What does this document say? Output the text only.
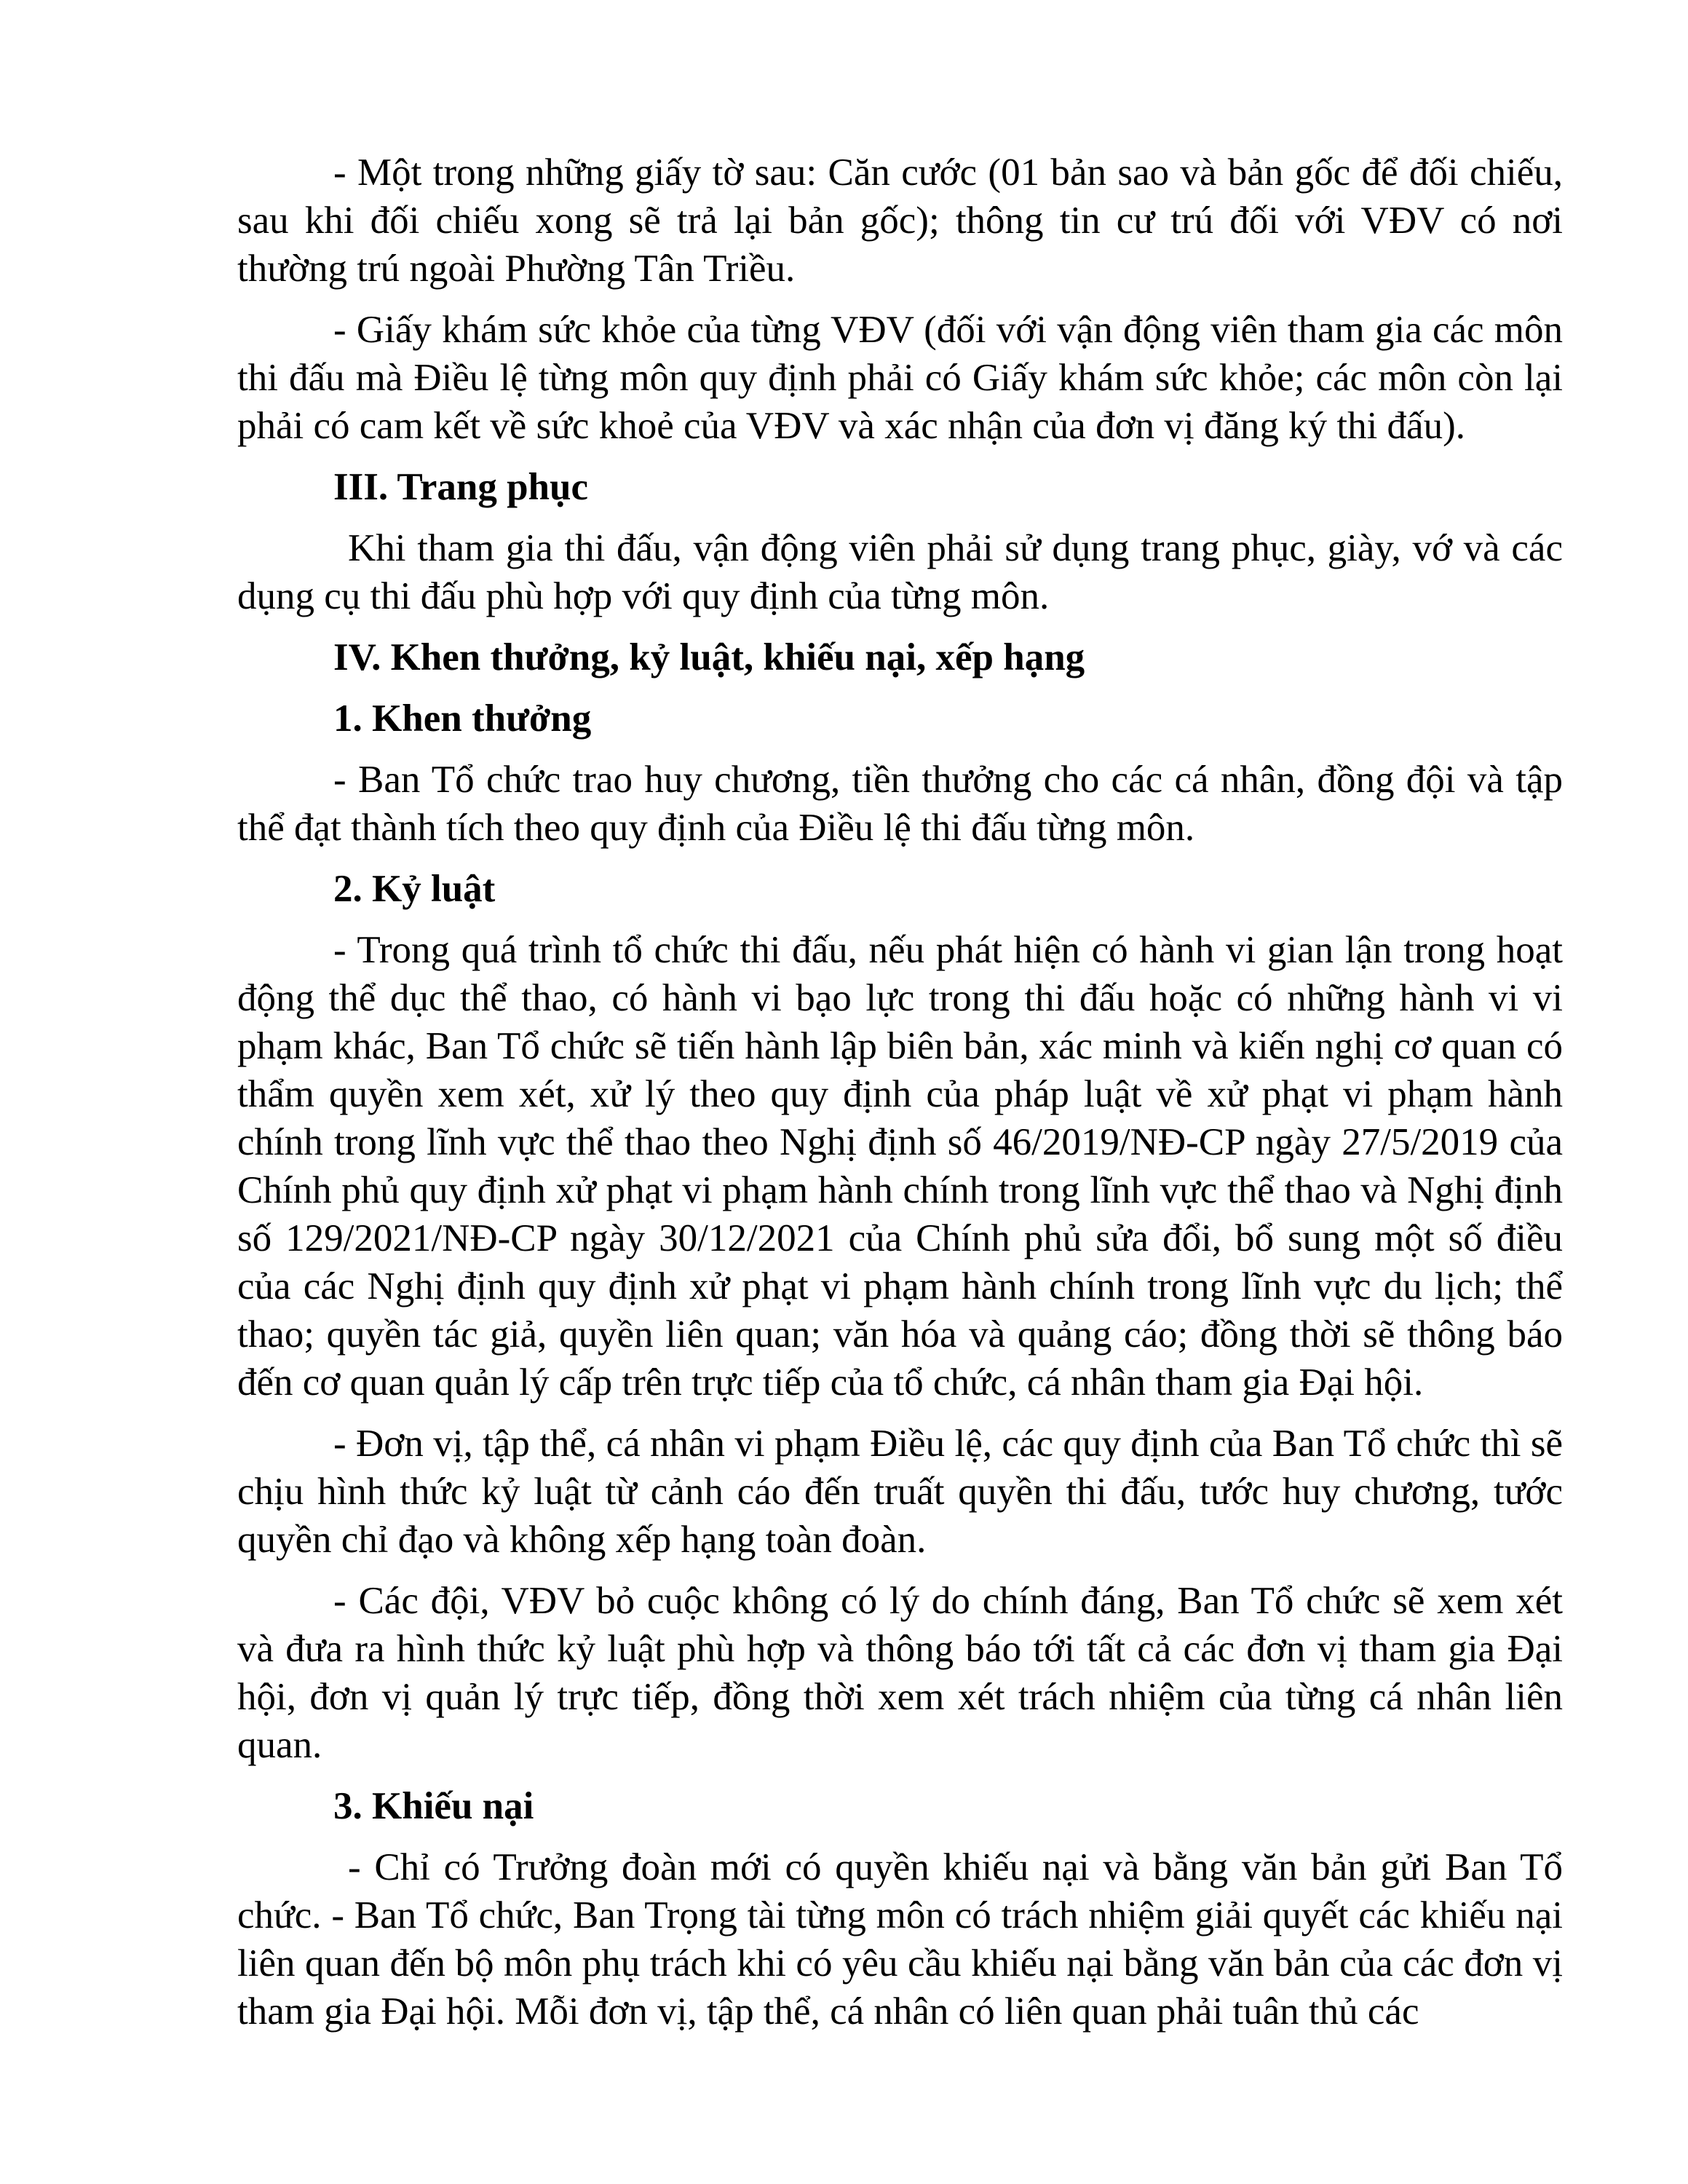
- Một trong những giấy tờ sau: Căn cước (01 bản sao và bản gốc để đối chiếu, sau khi đối chiếu xong sẽ trả lại bản gốc); thông tin cư trú đối với VĐV có nơi thường trú ngoài Phường Tân Triều.

- Giấy khám sức khỏe của từng VĐV (đối với vận động viên tham gia các môn thi đấu mà Điều lệ từng môn quy định phải có Giấy khám sức khỏe; các môn còn lại phải có cam kết về sức khoẻ của VĐV và xác nhận của đơn vị đăng ký thi đấu).

III. Trang phục

Khi tham gia thi đấu, vận động viên phải sử dụng trang phục, giày, vớ và các dụng cụ thi đấu phù hợp với quy định của từng môn.

IV. Khen thưởng, kỷ luật, khiếu nại, xếp hạng
1. Khen thưởng

- Ban Tổ chức trao huy chương, tiền thưởng cho các cá nhân, đồng đội và tập thể đạt thành tích theo quy định của Điều lệ thi đấu từng môn.

2. Kỷ luật

- Trong quá trình tổ chức thi đấu, nếu phát hiện có hành vi gian lận trong hoạt động thể dục thể thao, có hành vi bạo lực trong thi đấu hoặc có những hành vi vi phạm khác, Ban Tổ chức sẽ tiến hành lập biên bản, xác minh và kiến nghị cơ quan có thẩm quyền xem xét, xử lý theo quy định của pháp luật về xử phạt vi phạm hành chính trong lĩnh vực thể thao theo Nghị định số 46/2019/NĐ-CP ngày 27/5/2019 của Chính phủ quy định xử phạt vi phạm hành chính trong lĩnh vực thể thao và Nghị định số 129/2021/NĐ-CP ngày 30/12/2021 của Chính phủ sửa đổi, bổ sung một số điều của các Nghị định quy định xử phạt vi phạm hành chính trong lĩnh vực du lịch; thể thao; quyền tác giả, quyền liên quan; văn hóa và quảng cáo; đồng thời sẽ thông báo đến cơ quan quản lý cấp trên trực tiếp của tổ chức, cá nhân tham gia Đại hội.

- Đơn vị, tập thể, cá nhân vi phạm Điều lệ, các quy định của Ban Tổ chức thì sẽ chịu hình thức kỷ luật từ cảnh cáo đến truất quyền thi đấu, tước huy chương, tước quyền chỉ đạo và không xếp hạng toàn đoàn.

- Các đội, VĐV bỏ cuộc không có lý do chính đáng, Ban Tổ chức sẽ xem xét và đưa ra hình thức kỷ luật phù hợp và thông báo tới tất cả các đơn vị tham gia Đại hội, đơn vị quản lý trực tiếp, đồng thời xem xét trách nhiệm của từng cá nhân liên quan.

3. Khiếu nại

- Chỉ có Trưởng đoàn mới có quyền khiếu nại và bằng văn bản gửi Ban Tổ chức. - Ban Tổ chức, Ban Trọng tài từng môn có trách nhiệm giải quyết các khiếu nại liên quan đến bộ môn phụ trách khi có yêu cầu khiếu nại bằng văn bản của các đơn vị tham gia Đại hội. Mỗi đơn vị, tập thể, cá nhân có liên quan phải tuân thủ các
